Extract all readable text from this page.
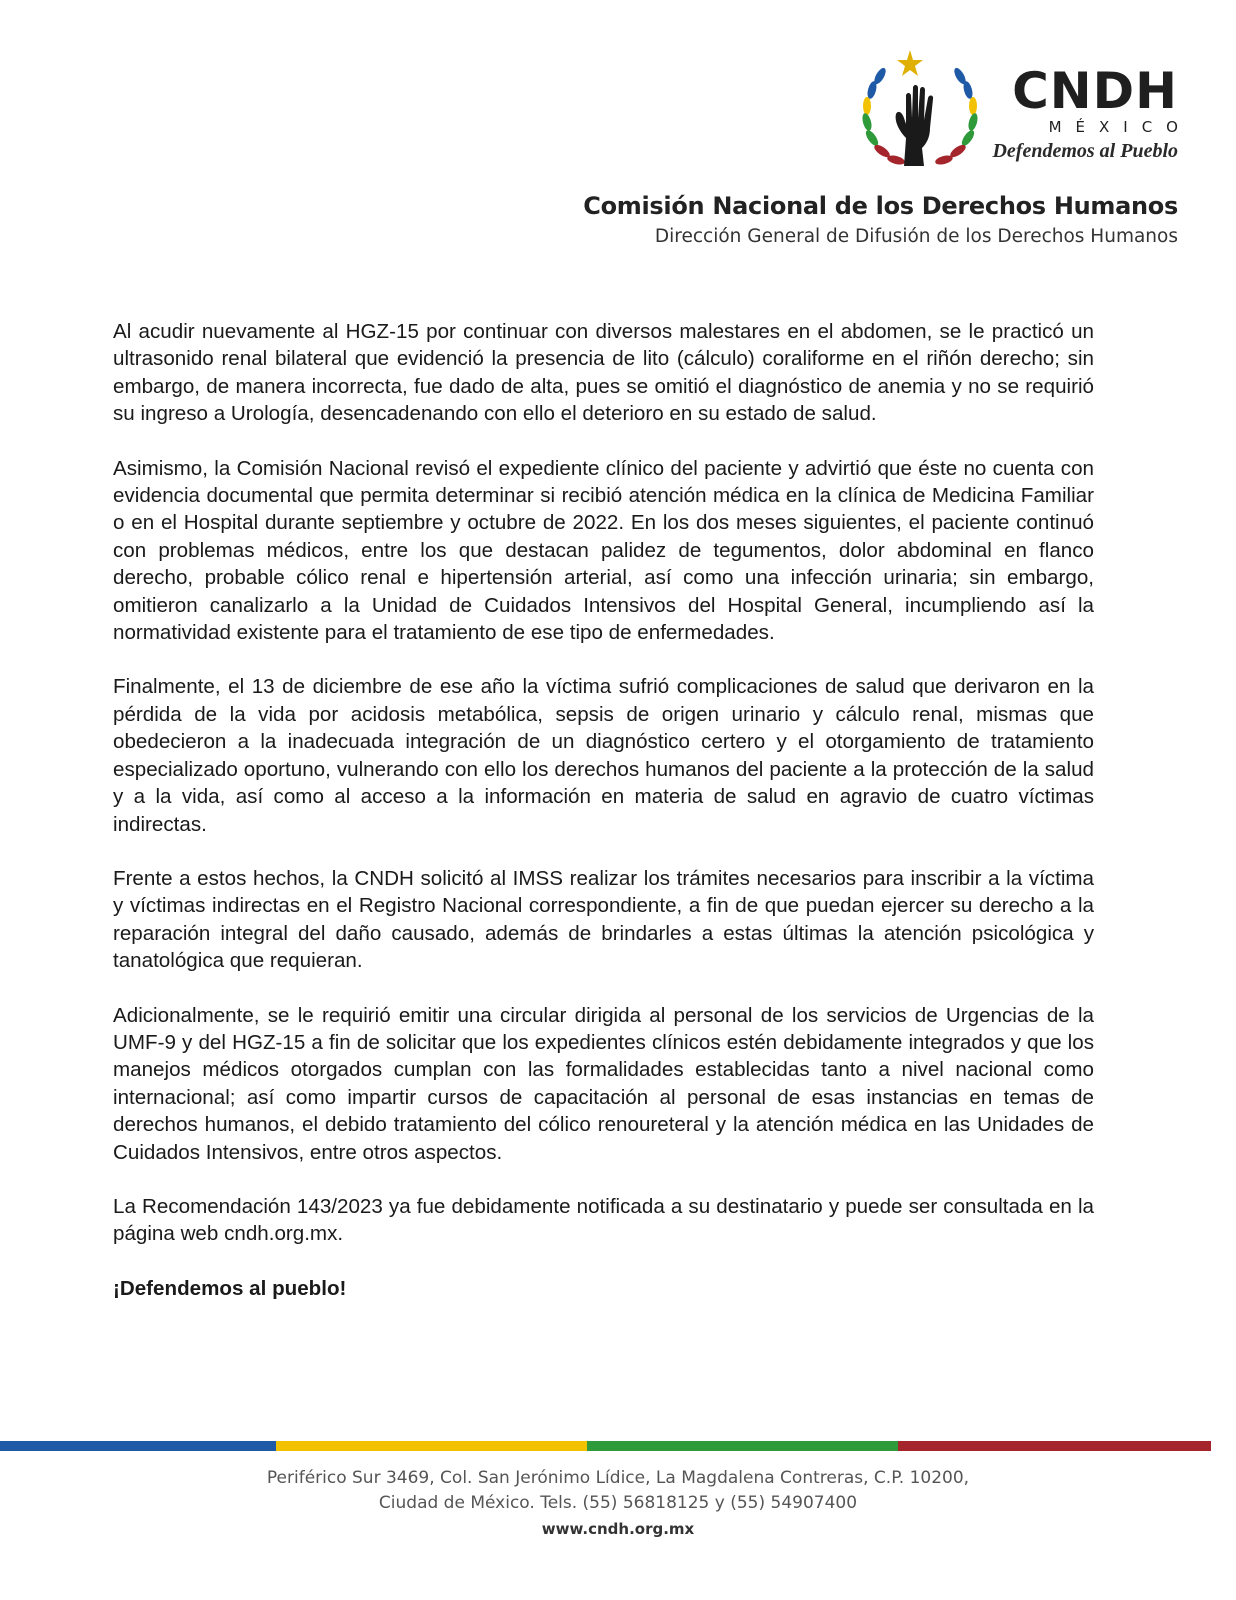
CNDH
MÉXICO
Defendemos al Pueblo
Comisión Nacional de los Derechos Humanos
Dirección General de Difusión de los Derechos Humanos

Al acudir nuevamente al HGZ-15 por continuar con diversos malestares en el abdomen, se le practicó un ultrasonido renal bilateral que evidenció la presencia de lito (cálculo) coraliforme en el riñón derecho; sin embargo, de manera incorrecta, fue dado de alta, pues se omitió el diagnóstico de anemia y no se requirió su ingreso a Urología, desencadenando con ello el deterioro en su estado de salud.

Asimismo, la Comisión Nacional revisó el expediente clínico del paciente y advirtió que éste no cuenta con evidencia documental que permita determinar si recibió atención médica en la clínica de Medicina Familiar o en el Hospital durante septiembre y octubre de 2022. En los dos meses siguientes, el paciente continuó con problemas médicos, entre los que destacan palidez de tegumentos, dolor abdominal en flanco derecho, probable cólico renal e hipertensión arterial, así como una infección urinaria; sin embargo, omitieron canalizarlo a la Unidad de Cuidados Intensivos del Hospital General, incumpliendo así la normatividad existente para el tratamiento de ese tipo de enfermedades.

Finalmente, el 13 de diciembre de ese año la víctima sufrió complicaciones de salud que derivaron en la pérdida de la vida por acidosis metabólica, sepsis de origen urinario y cálculo renal, mismas que obedecieron a la inadecuada integración de un diagnóstico certero y el otorgamiento de tratamiento especializado oportuno, vulnerando con ello los derechos humanos del paciente a la protección de la salud y a la vida, así como al acceso a la información en materia de salud en agravio de cuatro víctimas indirectas.

Frente a estos hechos, la CNDH solicitó al IMSS realizar los trámites necesarios para inscribir a la víctima y víctimas indirectas en el Registro Nacional correspondiente, a fin de que puedan ejercer su derecho a la reparación integral del daño causado, además de brindarles a estas últimas la atención psicológica y tanatológica que requieran.

Adicionalmente, se le requirió emitir una circular dirigida al personal de los servicios de Urgencias de la UMF-9 y del HGZ-15 a fin de solicitar que los expedientes clínicos estén debidamente integrados y que los manejos médicos otorgados cumplan con las formalidades establecidas tanto a nivel nacional como internacional; así como impartir cursos de capacitación al personal de esas instancias en temas de derechos humanos, el debido tratamiento del cólico renoureteral y la atención médica en las Unidades de Cuidados Intensivos, entre otros aspectos.

La Recomendación 143/2023 ya fue debidamente notificada a su destinatario y puede ser consultada en la página web cndh.org.mx.

¡Defendemos al pueblo!

Periférico Sur 3469, Col. San Jerónimo Lídice, La Magdalena Contreras, C.P. 10200,
Ciudad de México. Tels. (55) 56818125 y (55) 54907400
www.cndh.org.mx
